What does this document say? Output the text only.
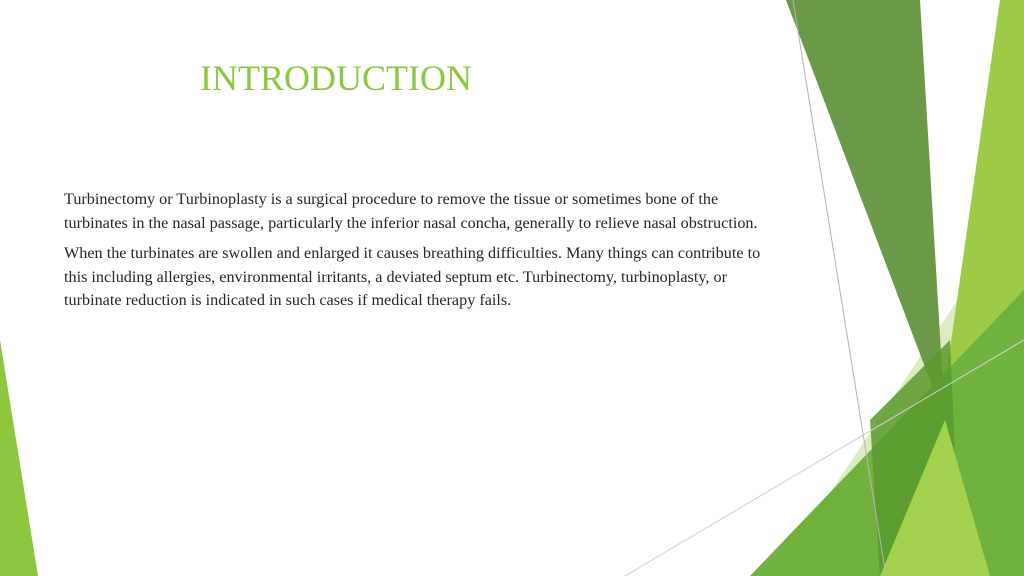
INTRODUCTION

Turbinectomy or Turbinoplasty is a surgical procedure to remove the tissue or sometimes bone of the turbinates in the nasal passage, particularly the inferior nasal concha, generally to relieve nasal obstruction.

When the turbinates are swollen and enlarged it causes breathing difficulties. Many things can contribute to this including allergies, environmental irritants, a deviated septum etc. Turbinectomy, turbinoplasty, or turbinate reduction is indicated in such cases if medical therapy fails.
